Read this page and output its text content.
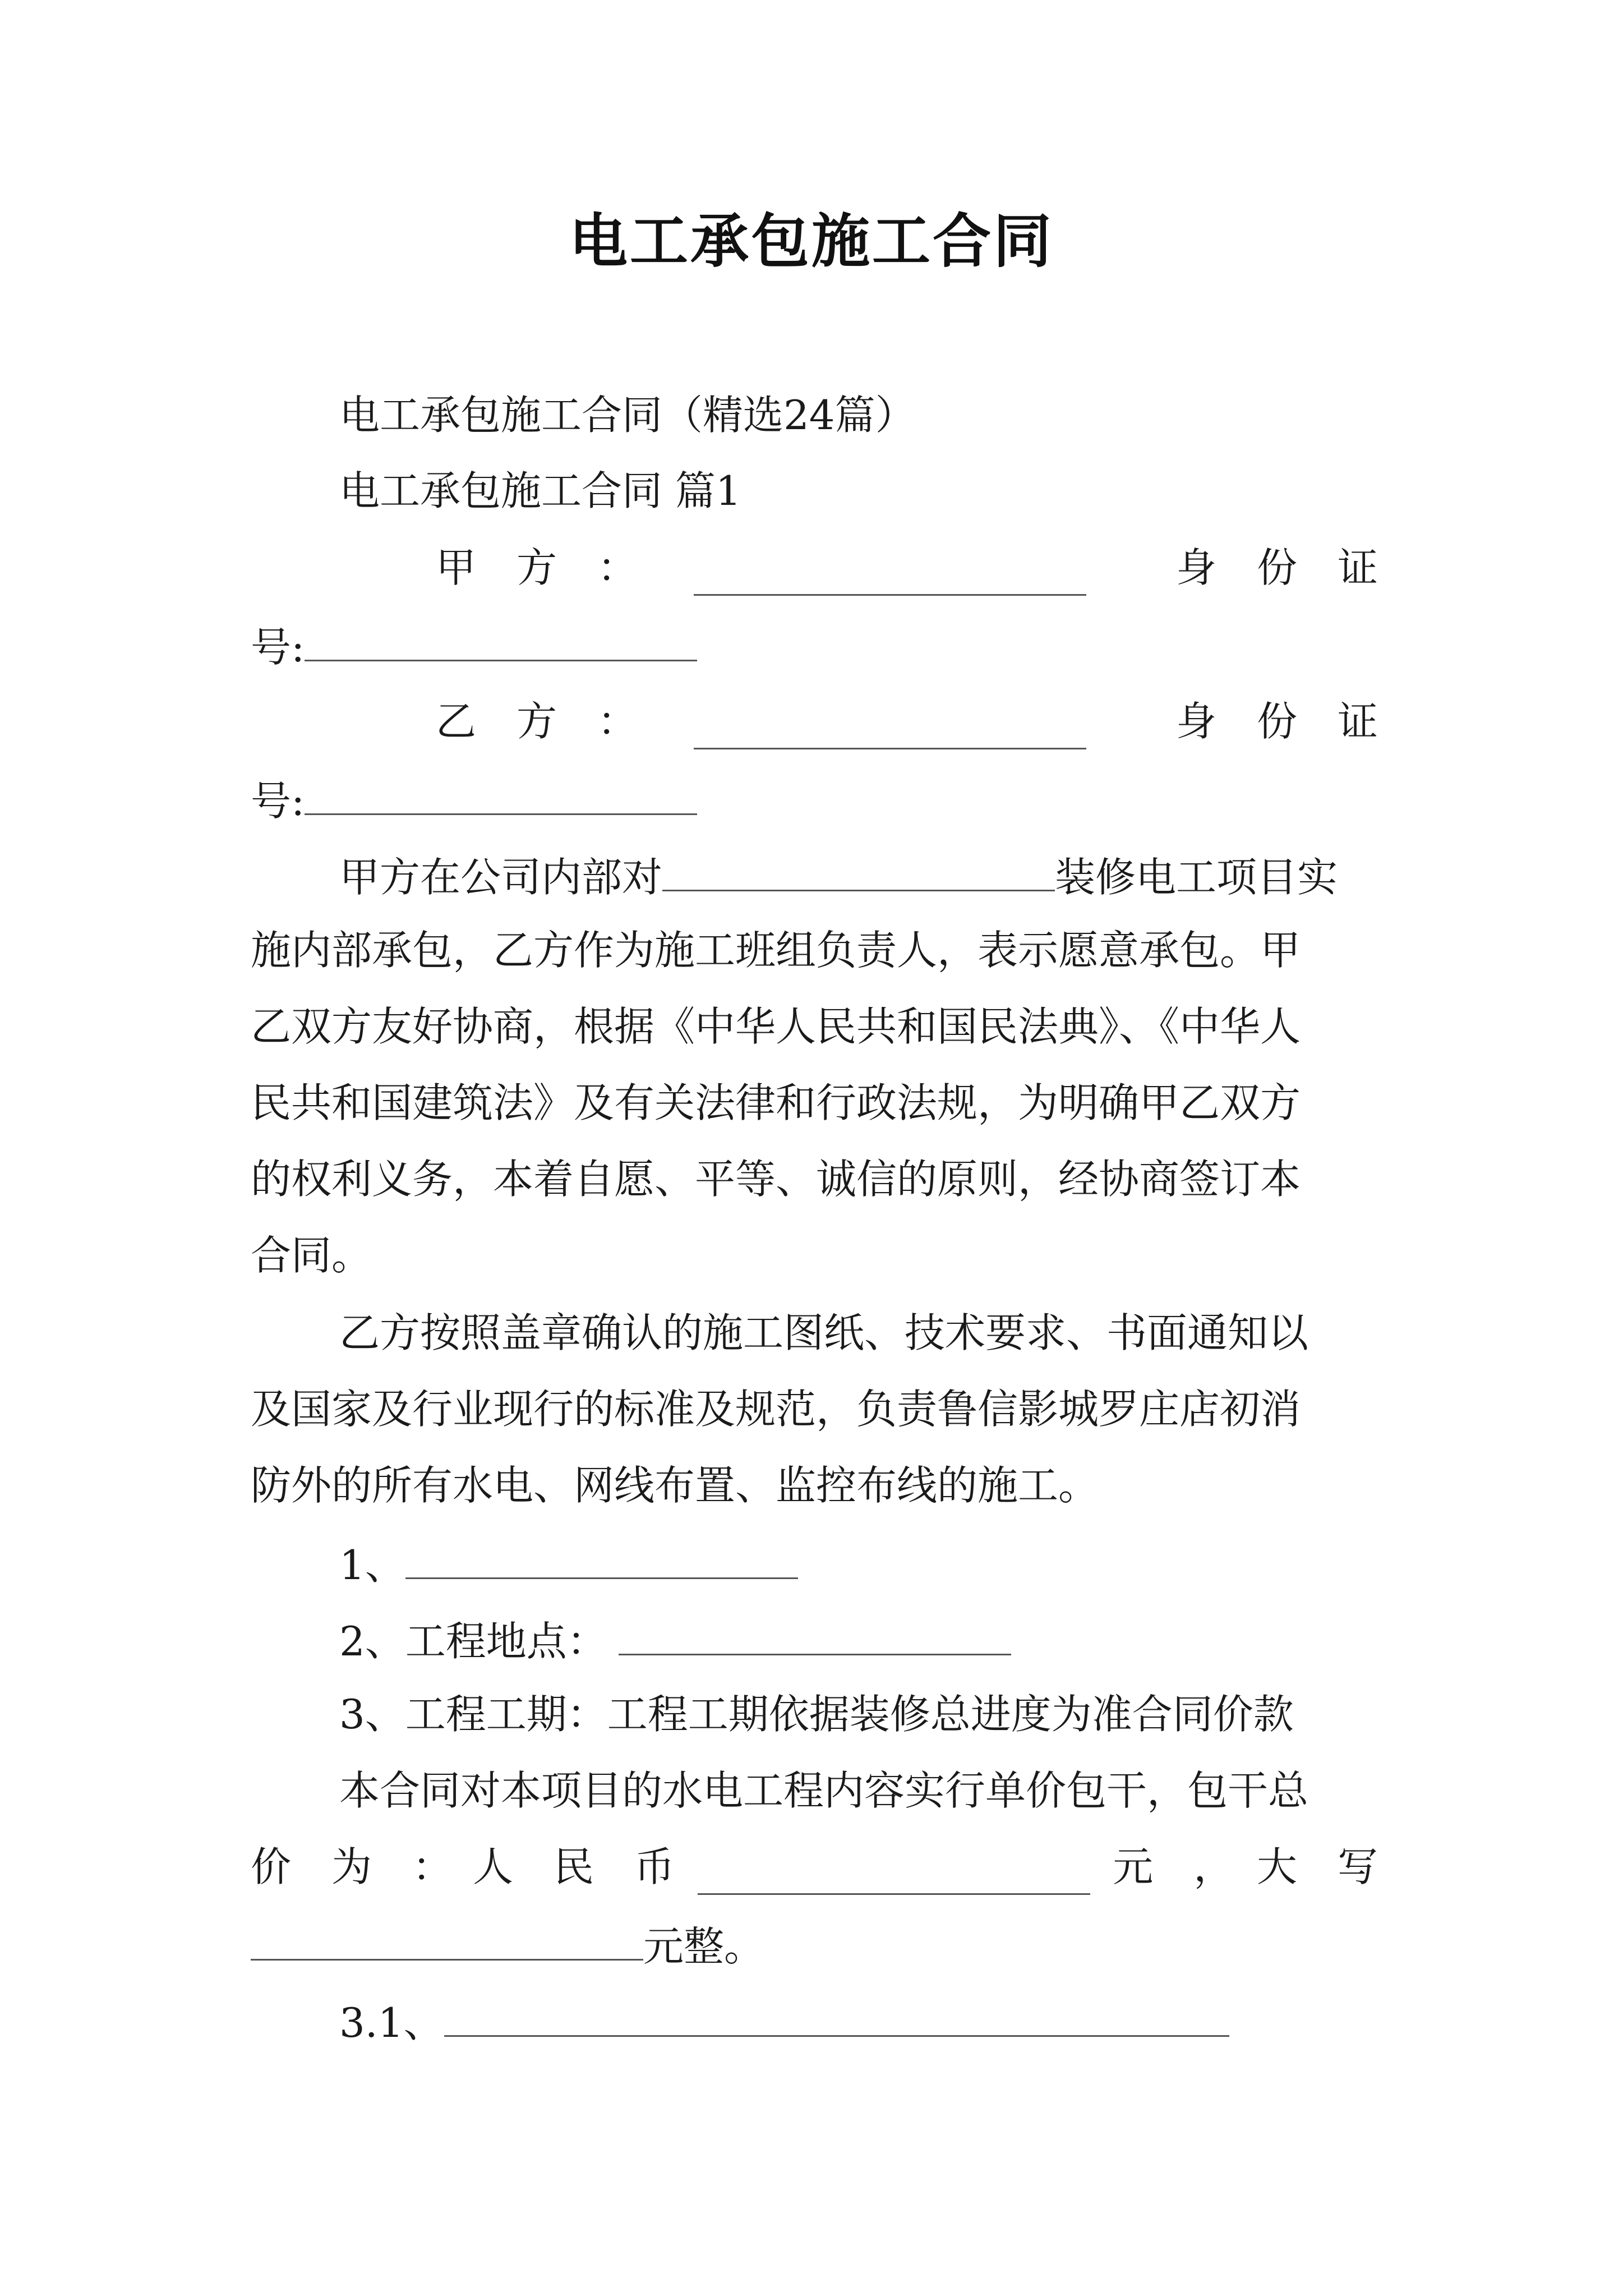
电工承包施工合同
电工承包施工合同（精选24篇）
电工承包施工合同 篇1
甲　方　：	身　份　证
号:
乙　方　：	身　份　证
号:
甲方在公司内部对	装修电工项目实
施内部承包，乙方作为施工班组负责人，表示愿意承包。甲
乙双方友好协商，根据《中华人民共和国民法典》、《中华人
民共和国建筑法》及有关法律和行政法规，为明确甲乙双方
的权利义务，本着自愿、平等、诚信的原则，经协商签订本
合同。
乙方按照盖章确认的施工图纸、技术要求、书面通知以
及国家及行业现行的标准及规范，负责鲁信影城罗庄店初消
防外的所有水电、网线布置、监控布线的施工。
1、
2、工程地点：
3、工程工期：工程工期依据装修总进度为准合同价款
本合同对本项目的水电工程内容实行单价包干，包干总
价　为　：　人　民　币	元　， 大　写
元整。
3.1、
